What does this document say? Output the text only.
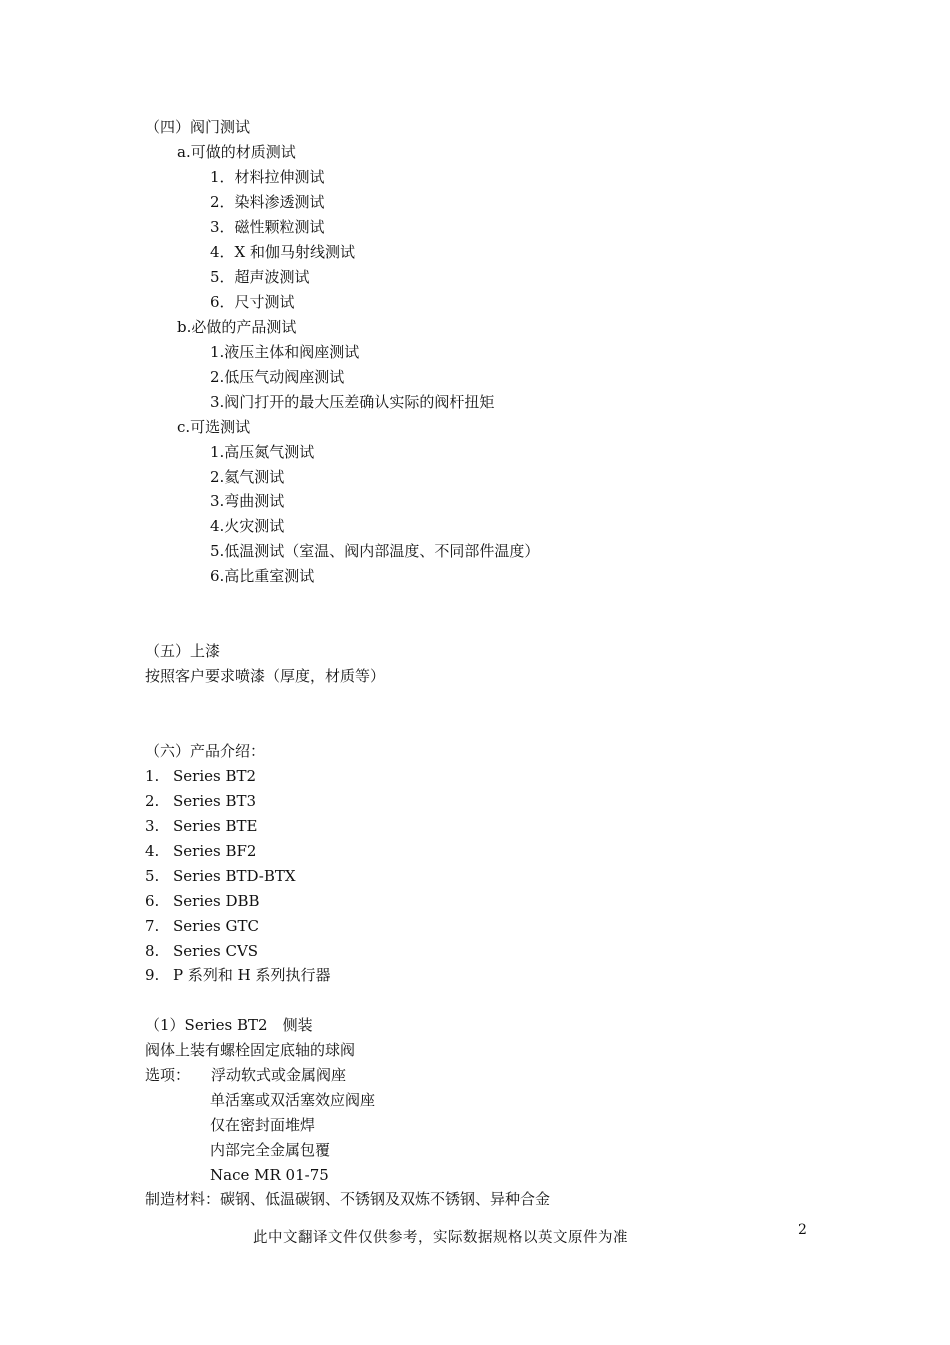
（四）阀门测试
a.可做的材质测试
1．材料拉伸测试
2．染料渗透测试
3．磁性颗粒测试
4．X 和伽马射线测试
5．超声波测试
6．尺寸测试
b.必做的产品测试
1.液压主体和阀座测试
2.低压气动阀座测试
3.阀门打开的最大压差确认实际的阀杆扭矩
c.可选测试
1.高压氮气测试
2.氦气测试
3.弯曲测试
4.火灾测试
5.低温测试（室温、阀内部温度、不同部件温度）
6.高比重室测试
（五）上漆
按照客户要求喷漆（厚度，材质等）
（六）产品介绍：
1. Series BT2
2. Series BT3
3. Series BTE
4. Series BF2
5. Series BTD-BTX
6. Series DBB
7. Series GTC
8. Series CVS
9. P 系列和 H 系列执行器
（1）Series BT2　侧装
阀体上装有螺栓固定底轴的球阀
选项： 浮动软式或金属阀座
单活塞或双活塞效应阀座
仅在密封面堆焊
内部完全金属包覆
Nace MR 01-75
制造材料：碳钢、低温碳钢、不锈钢及双炼不锈钢、异种合金
此中文翻译文件仅供参考，实际数据规格以英文原件为准	2
